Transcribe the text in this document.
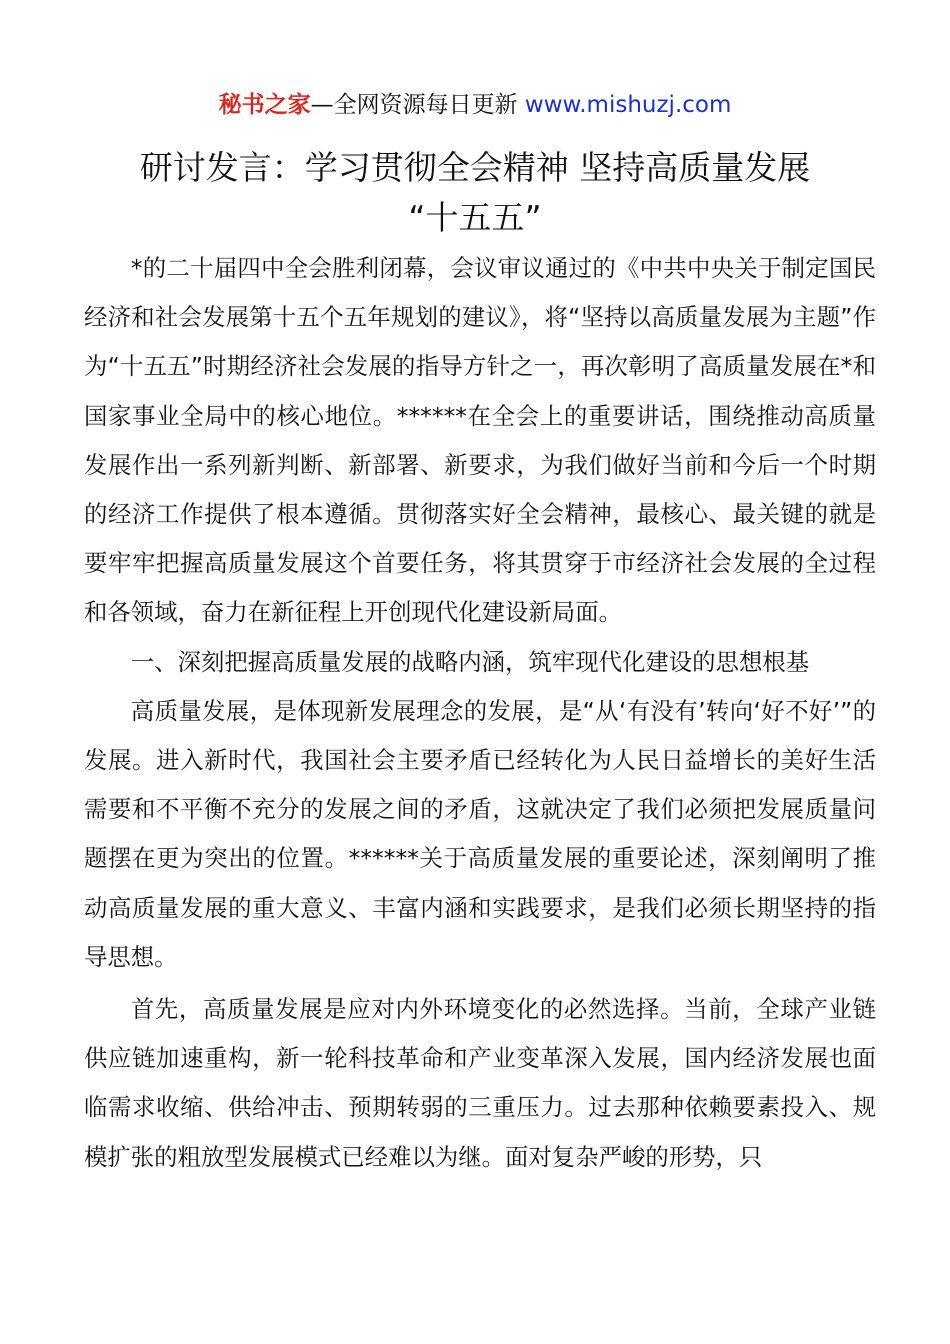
秘书之家—全网资源每日更新 www.mishuzj.com
研讨发言：学习贯彻全会精神 坚持高质量发展
“十五五”

*的二十届四中全会胜利闭幕，会议审议通过的《中共中央关于制定国民经济和社会发展第十五个五年规划的建议》，将“坚持以高质量发展为主题”作为“十五五”时期经济社会发展的指导方针之一，再次彰明了高质量发展在*和国家事业全局中的核心地位。******在全会上的重要讲话，围绕推动高质量发展作出一系列新判断、新部署、新要求，为我们做好当前和今后一个时期的经济工作提供了根本遵循。贯彻落实好全会精神，最核心、最关键的就是要牢牢把握高质量发展这个首要任务，将其贯穿于市经济社会发展的全过程和各领域，奋力在新征程上开创现代化建设新局面。

一、深刻把握高质量发展的战略内涵，筑牢现代化建设的思想根基

高质量发展，是体现新发展理念的发展，是“从‘有没有’转向‘好不好’”的发展。进入新时代，我国社会主要矛盾已经转化为人民日益增长的美好生活需要和不平衡不充分的发展之间的矛盾，这就决定了我们必须把发展质量问题摆在更为突出的位置。******关于高质量发展的重要论述，深刻阐明了推动高质量发展的重大意义、丰富内涵和实践要求，是我们必须长期坚持的指导思想。

首先，高质量发展是应对内外环境变化的必然选择。当前，全球产业链供应链加速重构，新一轮科技革命和产业变革深入发展，国内经济发展也面临需求收缩、供给冲击、预期转弱的三重压力。过去那种依赖要素投入、规模扩张的粗放型发展模式已经难以为继。面对复杂严峻的形势，只
